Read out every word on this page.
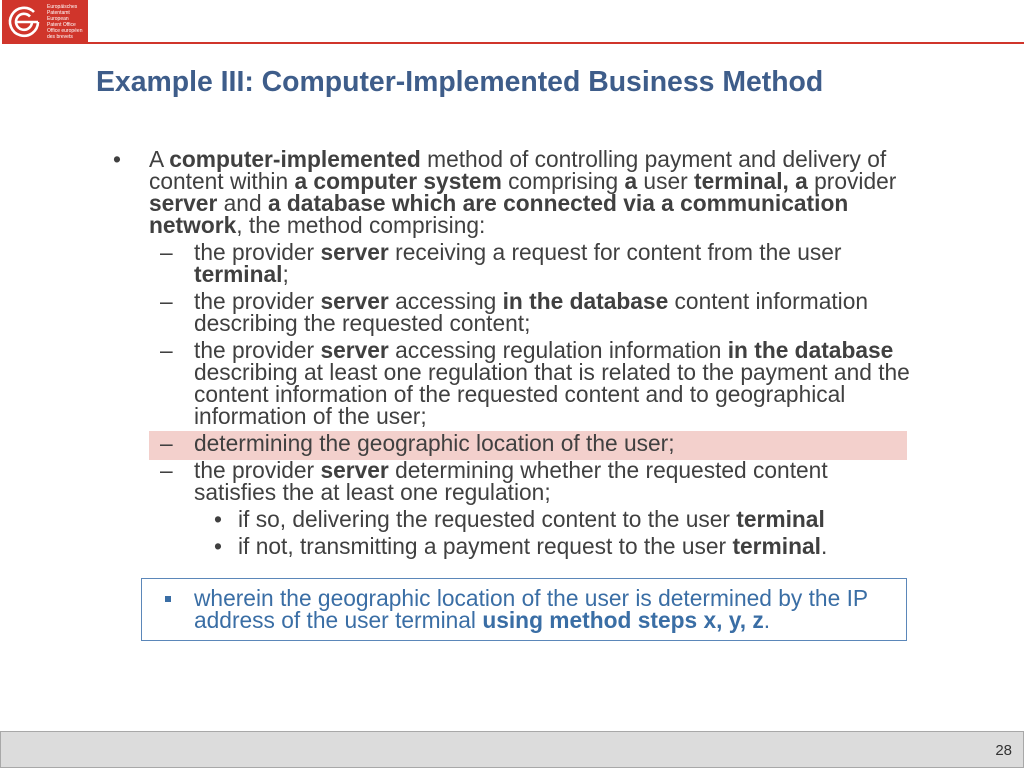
Europäisches
Patentamt
European
Patent Office
Office européen
des brevets
Example III: Computer-Implemented Business Method
• A computer-implemented method of controlling payment and delivery of
content within a computer system comprising a user terminal, a provider
server and a database which are connected via a communication
network, the method comprising:
– the provider server receiving a request for content from the user
terminal;
– the provider server accessing in the database content information
describing the requested content;
– the provider server accessing regulation information in the database
describing at least one regulation that is related to the payment and the
content information of the requested content and to geographical
information of the user;
– determining the geographic location of the user;
– the provider server determining whether the requested content
satisfies the at least one regulation;
• if so, delivering the requested content to the user terminal
• if not, transmitting a payment request to the user terminal.
wherein the geographic location of the user is determined by the IP
address of the user terminal using method steps x, y, z.
28
